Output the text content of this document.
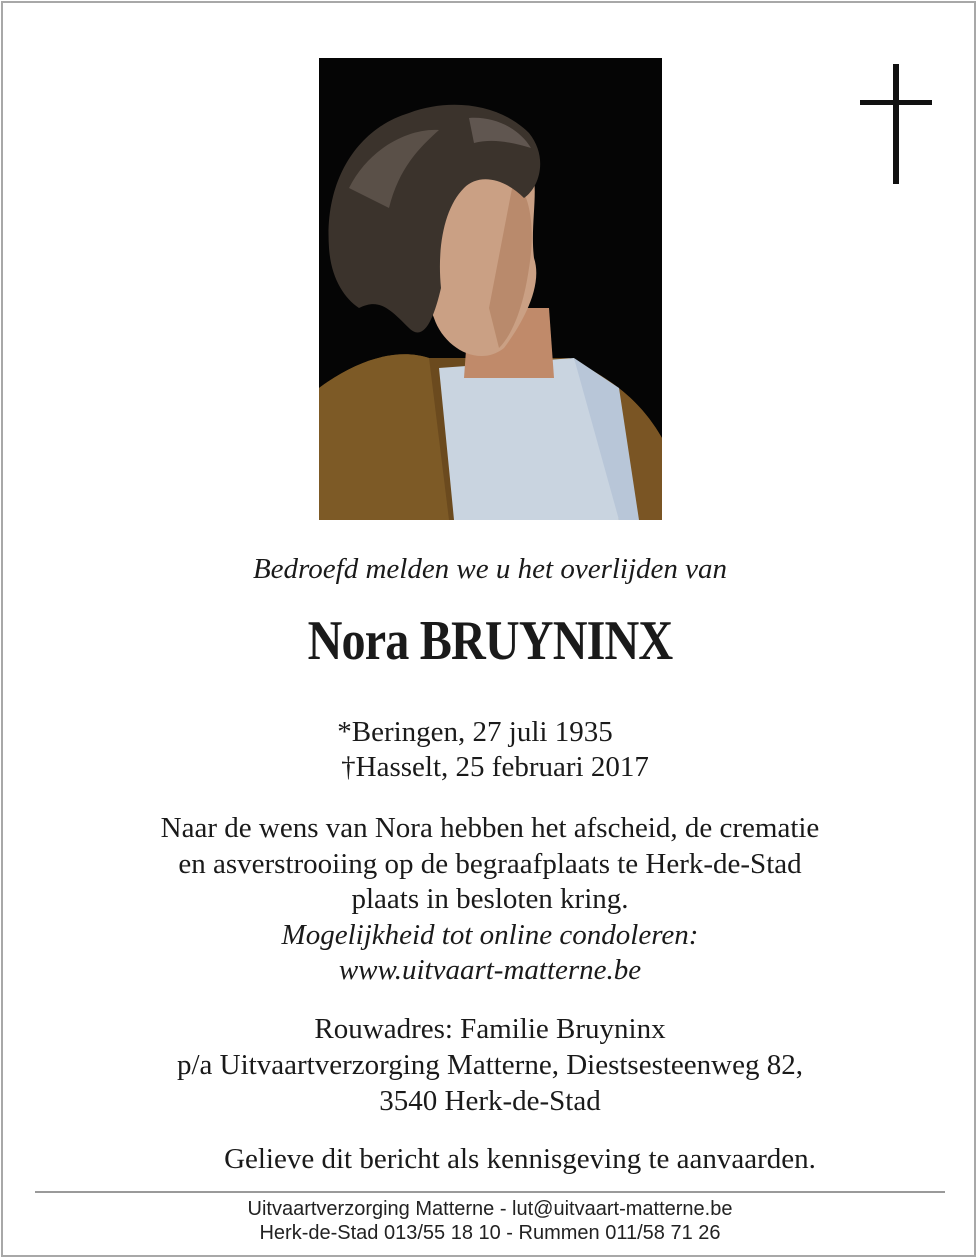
Bedroefd melden we u het overlijden van
Nora BRUYNINX
*Beringen, 27 juli 1935
†Hasselt, 25 februari 2017
Naar de wens van Nora hebben het afscheid, de crematie
en asverstrooiing op de begraafplaats te Herk-de-Stad
plaats in besloten kring.
Mogelijkheid tot online condoleren:
www.uitvaart-matterne.be
Rouwadres: Familie Bruyninx
p/a Uitvaartverzorging Matterne, Diestsesteenweg 82,
3540 Herk-de-Stad
Gelieve dit bericht als kennisgeving te aanvaarden.
Uitvaartverzorging Matterne - lut@uitvaart-matterne.be
Herk-de-Stad 013/55 18 10 - Rummen 011/58 71 26
